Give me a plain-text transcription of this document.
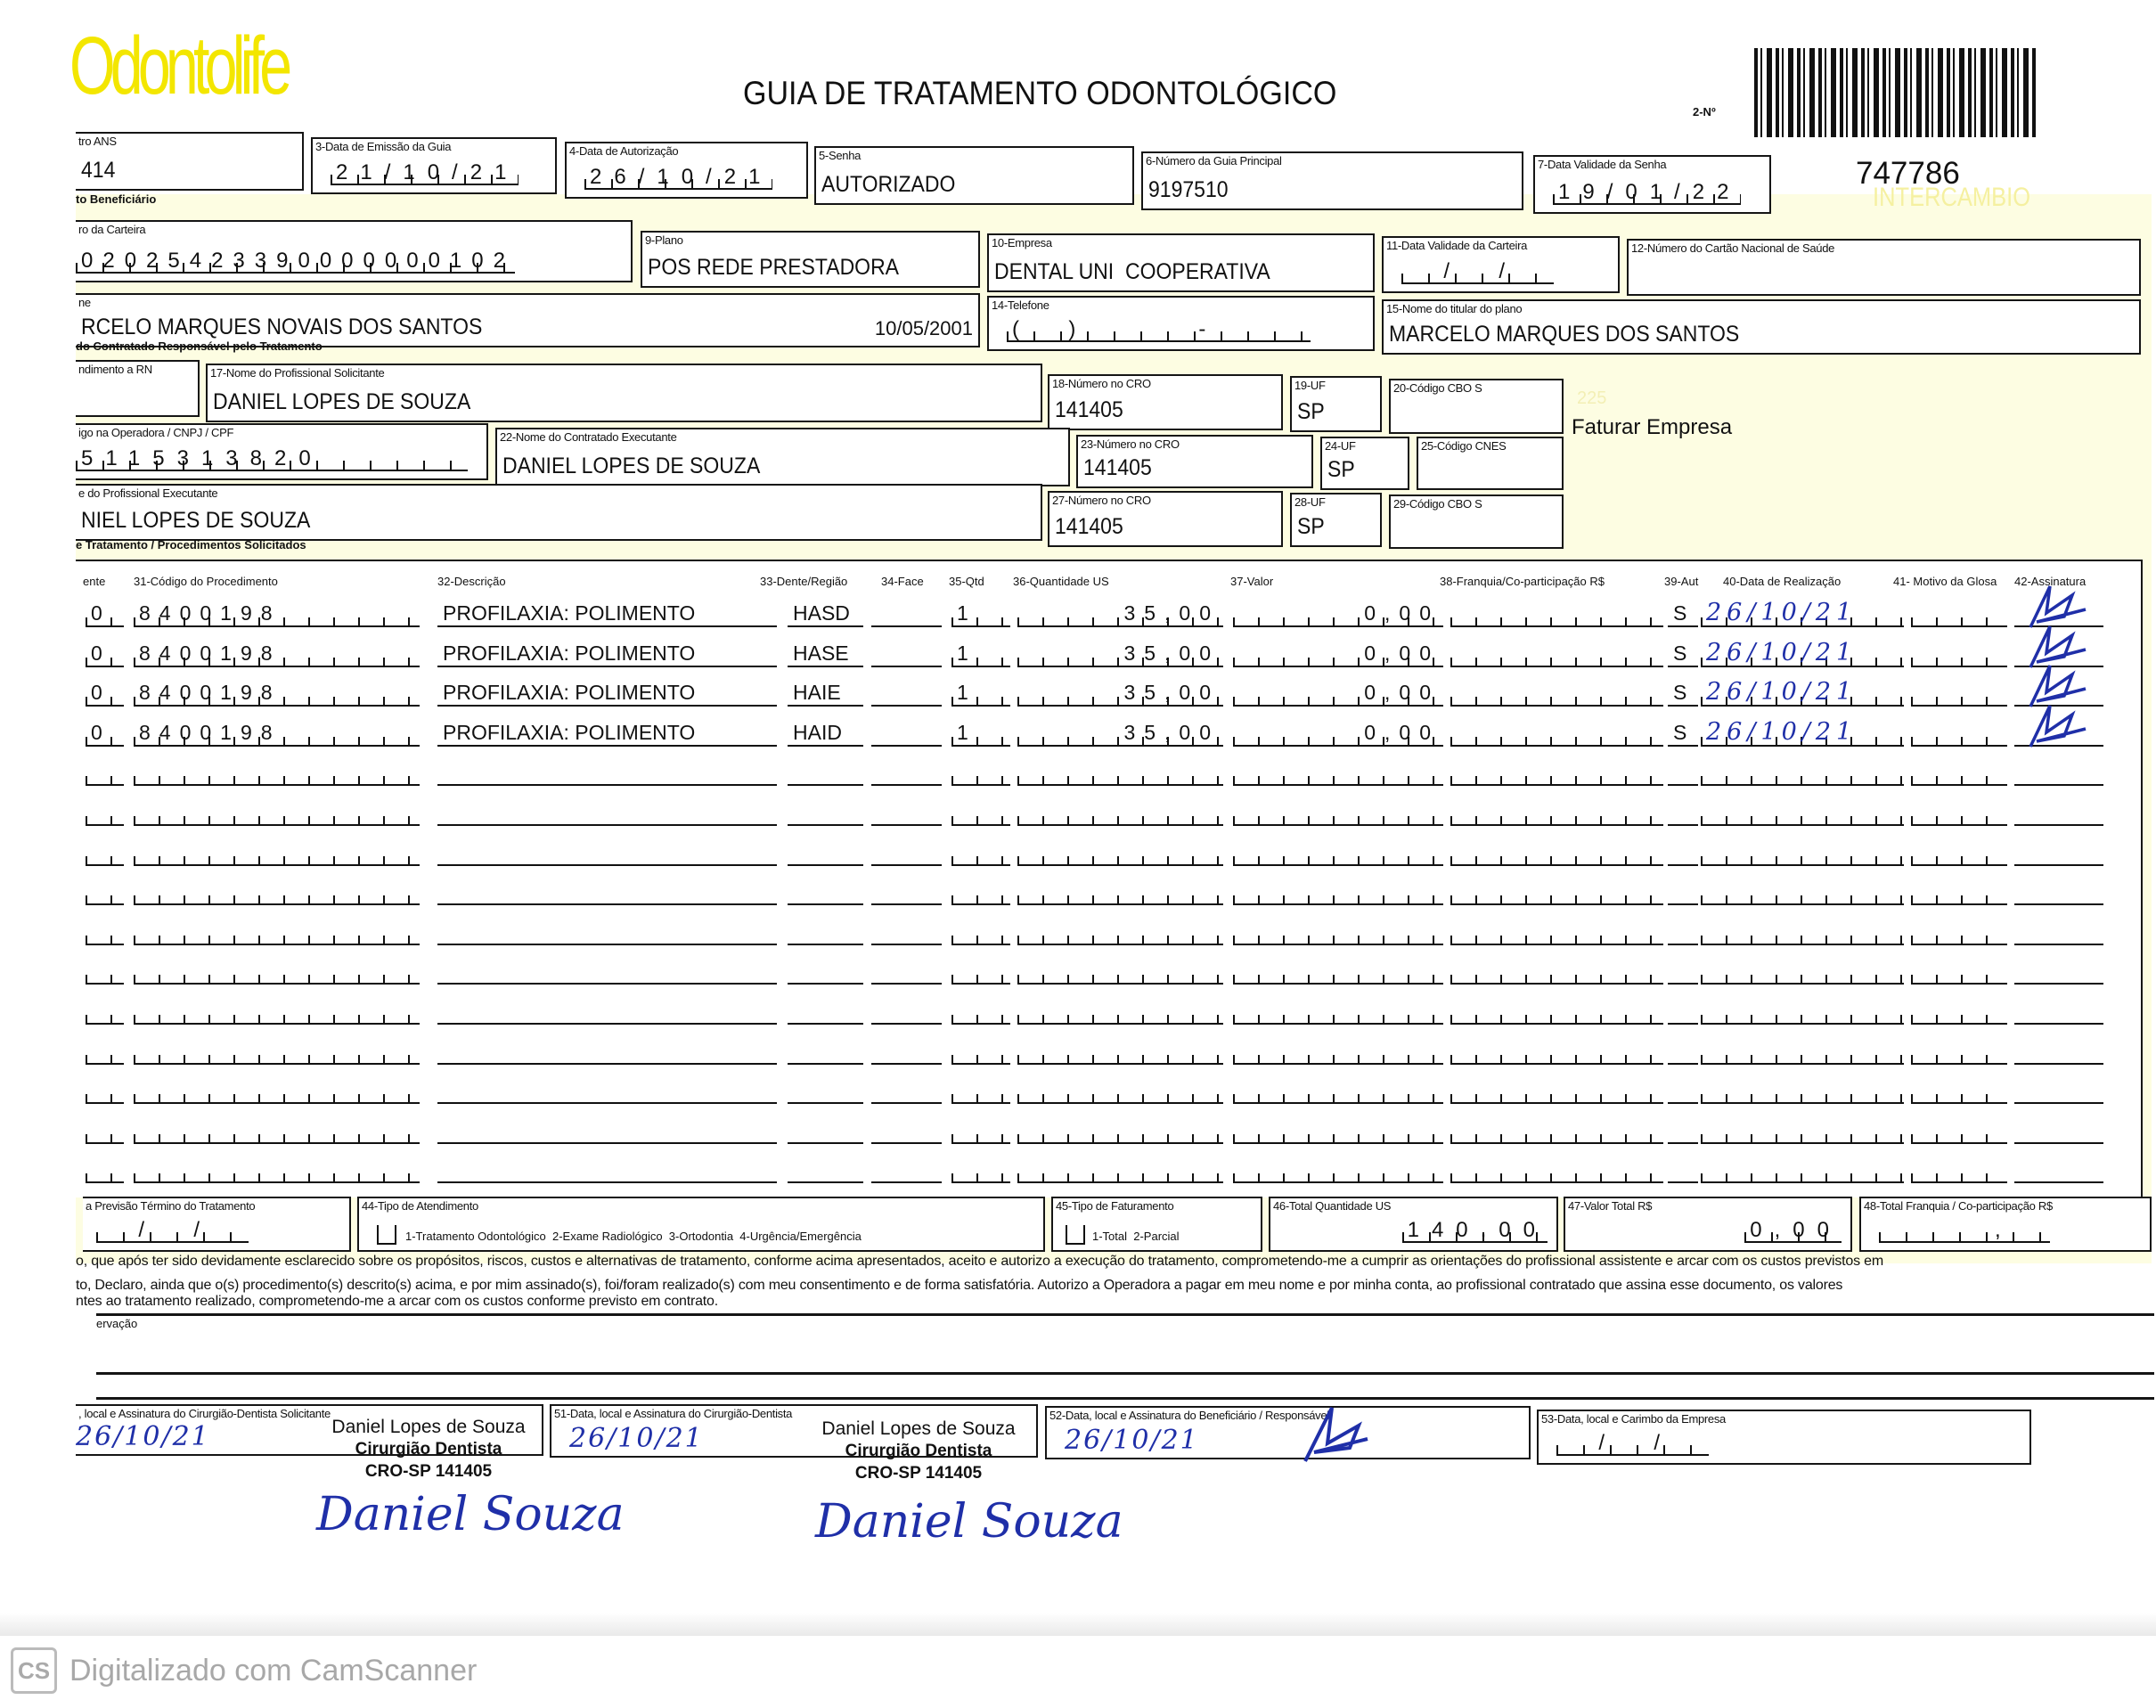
Odontolife	GUIA DE TRATAMENTO ODONTOLÓGICO
2-Nº
747786
INTERCAMBIO
tro ANS
414
3-Data de Emissão da Guia
21/10/21
4-Data de Autorização
26/10/21
5-Senha
AUTORIZADO
6-Número da Guia Principal
9197510
7-Data Validade da Senha
19/01/22
to Beneficiário
ro da Carteira
02025423390000000102
9-Plano
POS REDE PRESTADORA
10-Empresa
DENTAL UNI  COOPERATIVA
11-Data Validade da Carteira
/  /
12-Número do Cartão Nacional de Saúde
ne
RCELO MARQUES NOVAIS DOS SANTOS	10/05/2001
14-Telefone
(  )      -
15-Nome do titular do plano
MARCELO MARQUES DOS SANTOS
do Contratado Responsável pelo Tratamento
ndimento a RN	17-Nome do Profissional Solicitante
DANIEL LOPES DE SOUZA
18-Número no CRO
141405
19-UF
SP
20-Código CBO S
225
Faturar Empresa
igo na Operadora / CNPJ / CPF
5115313820
22-Nome do Contratado Executante
DANIEL LOPES DE SOUZA
23-Número no CRO
141405
24-UF
SP
25-Código CNES
e do Profissional Executante
NIEL LOPES DE SOUZA
27-Número no CRO
141405
28-UF
SP
29-Código CBO S
e Tratamento / Procedimentos Solicitados
ente 31-Código do Procedimento	32-Descrição	33-Dente/Região	34-Face 35-Qtd 36-Quantidade US	37-Valor	38-Franquia/Co-participação R$	39-Aut 40-Data de Realização	41- Motivo da Glosa 42-Assinatura
0	8400198	PROFILAXIA: POLIMENTO	HASD	1	35,00	0,00	S 26/10/21
0	8400198	PROFILAXIA: POLIMENTO	HASE	1	35,00	0,00	S 26/10/21
0	8400198	PROFILAXIA: POLIMENTO	HAIE	1	35,00	0,00	S 26/10/21
0	8400198	PROFILAXIA: POLIMENTO	HAID	1	35,00	0,00	S 26/10/21
a Previsão Término do Tratamento
/  /
44-Tipo de Atendimento
1-Tratamento Odontológico  2-Exame Radiológico  3-Ortodontia  4-Urgência/Emergência
45-Tipo de Faturamento
1-Total  2-Parcial
46-Total Quantidade US
140,00
47-Valor Total R$
0,00
48-Total Franquia / Co-participação R$
,
o, que após ter sido devidamente esclarecido sobre os propósitos, riscos, custos e alternativas de tratamento, conforme acima apresentados, aceito e autorizo a execução do tratamento, comprometendo-me a cumprir as orientações do profissional assistente e arcar com os custos previstos em
to, Declaro, ainda que o(s) procedimento(s) descrito(s) acima, e por mim assinado(s), foi/foram realizado(s) com meu consentimento e de forma satisfatória. Autorizo a Operadora a pagar em meu nome e por minha conta, ao profissional contratado que assina esse documento, os valores
ntes ao tratamento realizado, comprometendo-me a arcar com os custos conforme previsto em contrato.
ervação
, local e Assinatura do Cirurgião-Dentista Solicitante
26/10/21
51-Data, local e Assinatura do Cirurgião-Dentista
26/10/21
52-Data, local e Assinatura do Beneficiário / Responsável
26/10/21
53-Data, local e Carimbo da Empresa
/  /
Daniel Lopes de Souza
Cirurgião Dentista
CRO-SP 141405
Daniel Souza
Daniel Lopes de Souza
Cirurgião Dentista
CRO-SP 141405
Daniel Souza
CS Digitalizado com CamScanner
